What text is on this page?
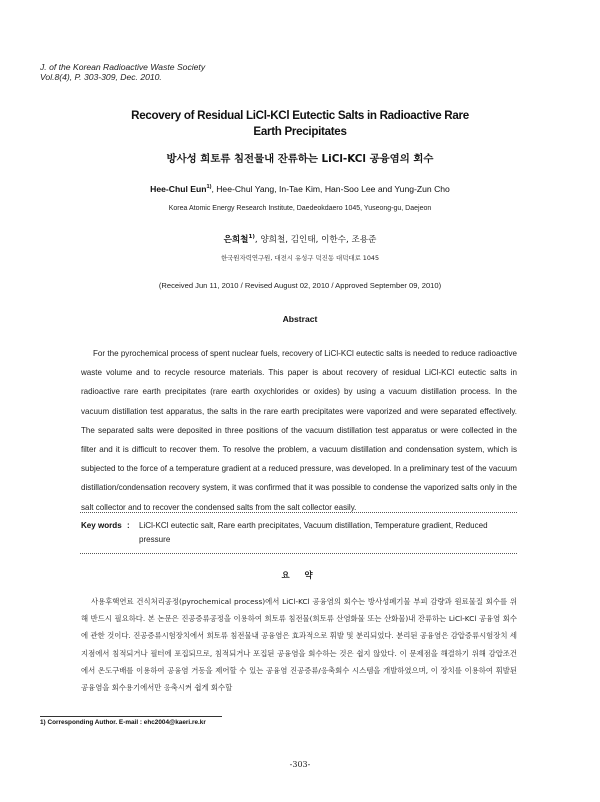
J. of the Korean Radioactive Waste Society
Vol.8(4), P. 303-309, Dec. 2010.
Recovery of Residual LiCl-KCl Eutectic Salts in Radioactive Rare
Earth Precipitates
방사성 희토류 침전물내 잔류하는 LiCl-KCl 공융염의 회수
Hee-Chul Eun$^{1)}$, Hee-Chul Yang, In-Tae Kim, Han-Soo Lee and Yung-Zun Cho
Korea Atomic Energy Research Institute, Daedeokdaero 1045, Yuseong-gu, Daejeon
은희철$^{1)}$, 양희철, 김인태, 이한수, 조용준
한국원자력연구원, 대전시 유성구 덕진동 대덕대로 1045
(Received Jun 11, 2010 / Revised August 02, 2010 / Approved September 09, 2010)
Abstract
For the pyrochemical process of spent nuclear fuels, recovery of LiCl-KCl eutectic salts is needed to reduce radioactive waste volume and to recycle resource materials. This paper is about recovery of residual LiCl-KCl eutectic salts in radioactive rare earth precipitates (rare earth oxychlorides or oxides) by using a vacuum distillation process. In the vacuum distillation test apparatus, the salts in the rare earth precipitates were vaporized and were separated effectively. The separated salts were deposited in three positions of the vacuum distillation test apparatus or were collected in the filter and it is difficult to recover them. To resolve the problem, a vacuum distillation and condensation system, which is subjected to the force of a temperature gradient at a reduced pressure, was developed. In a preliminary test of the vacuum distillation/condensation recovery system, it was confirmed that it was possible to condense the vaporized salts only in the salt collector and to recover the condensed salts from the salt collector easily.
Key words : LiCl-KCl eutectic salt, Rare earth precipitates, Vacuum distillation, Temperature gradient, Reduced pressure
요 약
사용후핵연료 건식처리공정(pyrochemical process)에서 LiCl-KCl 공융염의 회수는 방사성폐기물 부피 감량과 원료물질 회수를 위해 반드시 필요하다. 본 논문은 진공증류공정을 이용하여 희토류 침전물(희토류 산염화물 또는 산화물)내 잔류하는 LiCl-KCl 공융염 회수에 관한 것이다. 진공증류시험장치에서 희토류 침전물내 공융염은 효과적으로 휘발 및 분리되었다. 분리된 공융염은 감압증류시험장치 세 지점에서 침적되거나 필터에 포집되므로, 침적되거나 포집된 공융염을 회수하는 것은 쉽지 않았다. 이 문제점을 해결하기 위해 감압조건에서 온도구배를 이용하여 공융염 거동을 제어할 수 있는 공융염 진공증류/응축회수 시스템을 개발하였으며, 이 장치를 이용하여 휘발된 공융염을 회수용기에서만 응축시켜 쉽게 회수할
1) Corresponding Author. E-mail : ehc2004@kaeri.re.kr
-303-
